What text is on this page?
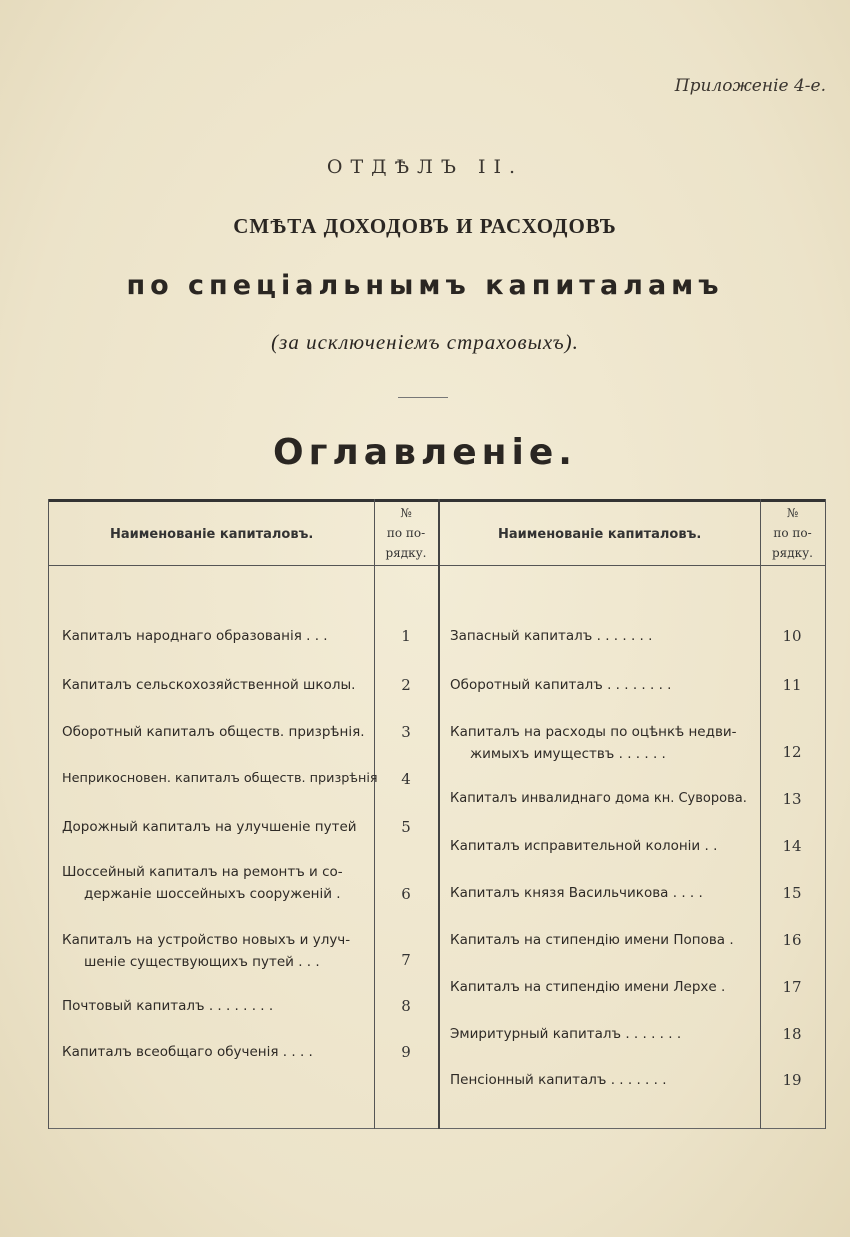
Приложенiе 4-е.
ОТДѢЛЪ II.
СМѢТА ДОХОДОВЪ И РАСХОДОВЪ
по спецiальнымъ капиталамъ
(за исключенiемъ страховыхъ).
Оглавленiе.
Наименованiе капиталовъ.
№
по по-
рядку.
Наименованiе капиталовъ.
№
по по-
рядку.
Капиталъ народнаго образованiя . . .	1
Капиталъ сельскохозяйственной школы.	2
Оборотный капиталъ обществ. призрѣнiя.	3
Неприкосновен. капиталъ обществ. призрѣнiя	4
Дорожный капиталъ на улучшенiе путей	5
Шоссейный капиталъ на ремонтъ и со-
держанiе шоссейныхъ сооруженiй .	6
Капиталъ на устройство новыхъ и улуч-
шенiе существующихъ путей . . .	7
Почтовый капиталъ . . . . . . . .	8
Капиталъ всеобщаго обученiя . . . .	9
Запасный капиталъ . . . . . . .	10
Оборотный капиталъ . . . . . . . .	11
Капиталъ на расходы по оцѣнкѣ недви-
жимыхъ имуществъ . . . . . .	12
Капиталъ инвалиднаго дома кн. Суворова.	13
Капиталъ исправительной колонiи . .	14
Капиталъ князя Васильчикова . . . .	15
Капиталъ на стипендiю имени Попова .	16
Капиталъ на стипендiю имени Лерхе .	17
Эмиритурный капиталъ . . . . . . .	18
Пенсiонный капиталъ . . . . . . .	19
